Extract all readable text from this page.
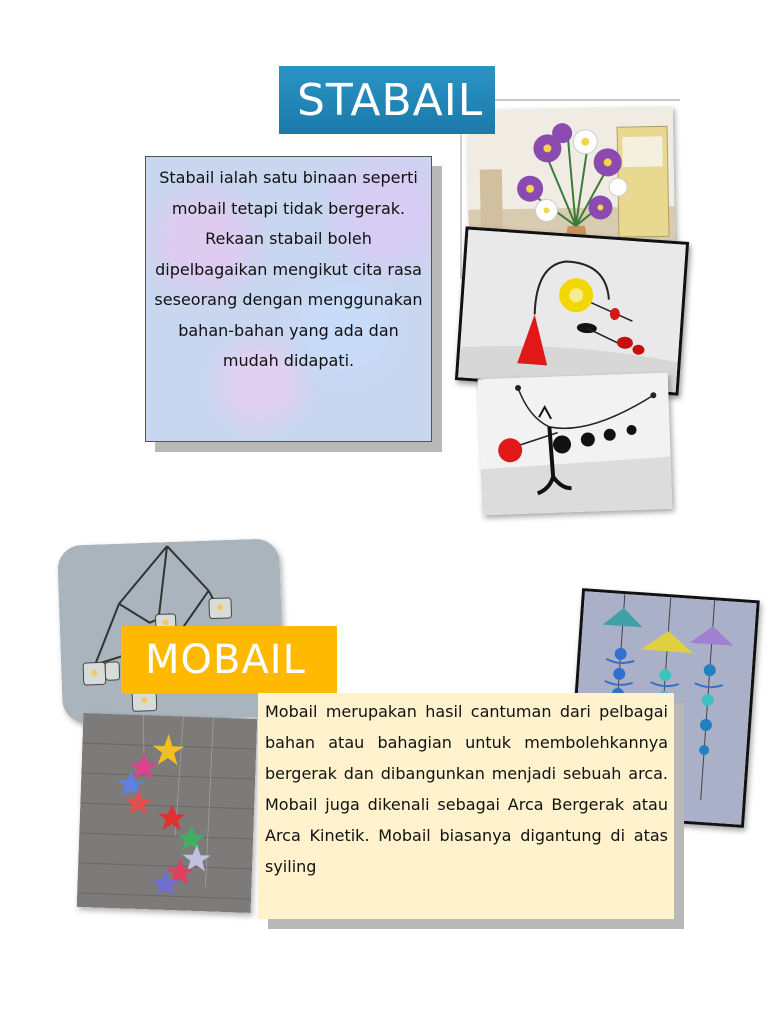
STABAIL
Stabail ialah satu binaan seperti mobail tetapi tidak bergerak. Rekaan stabail boleh dipelbagaikan mengikut cita rasa seseorang dengan menggunakan bahan-bahan yang ada dan mudah didapati.
MOBAIL
Mobail merupakan hasil cantuman dari pelbagai bahan atau bahagian untuk membolehkannya bergerak dan dibangunkan menjadi sebuah arca. Mobail juga dikenali sebagai Arca Bergerak atau Arca Kinetik. Mobail biasanya digantung di atas syiling
